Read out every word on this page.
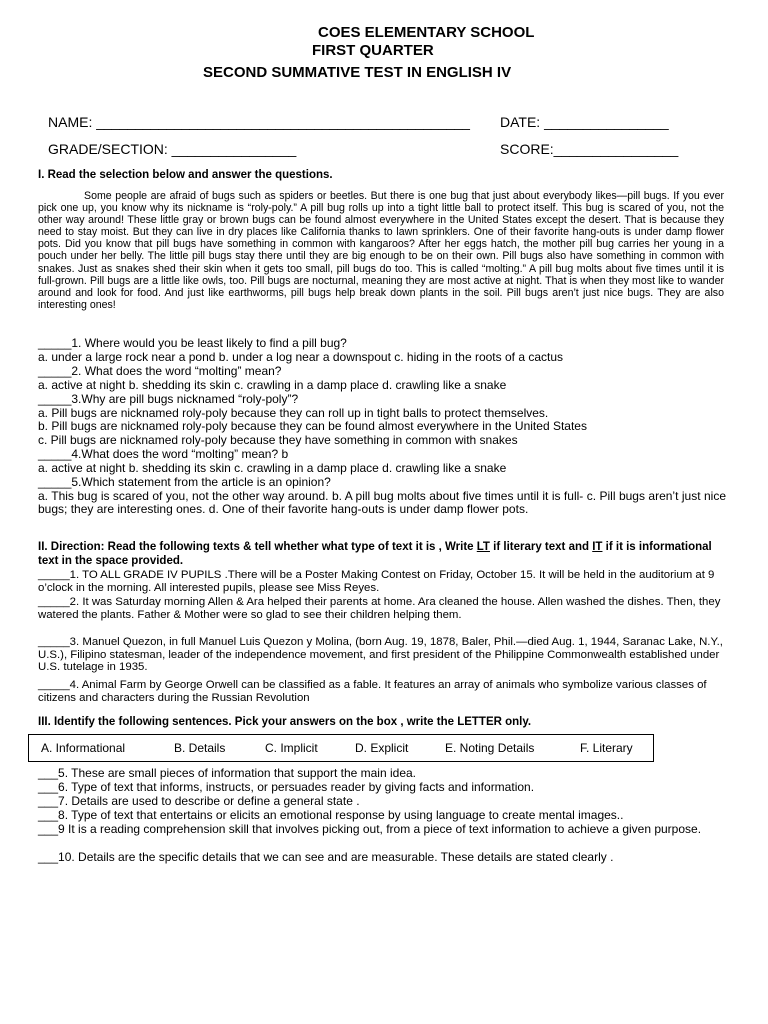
COES ELEMENTARY SCHOOL
FIRST QUARTER
SECOND SUMMATIVE TEST IN ENGLISH IV
NAME: ________________________________________________ DATE: ________________
GRADE/SECTION: ________________	SCORE:________________
I. Read the selection below and answer the questions.

Some people are afraid of bugs such as spiders or beetles. But there is one bug that just about everybody likes—pill bugs. If you ever pick one up, you know why its nickname is “roly-poly.” A pill bug rolls up into a tight little ball to protect itself. This bug is scared of you, not the other way around! These little gray or brown bugs can be found almost everywhere in the United States except the desert. That is because they need to stay moist. But they can live in dry places like California thanks to lawn sprinklers. One of their favorite hang-outs is under damp flower pots. Did you know that pill bugs have something in common with kangaroos? After her eggs hatch, the mother pill bug carries her young in a pouch under her belly. The little pill bugs stay there until they are big enough to be on their own. Pill bugs also have something in common with snakes. Just as snakes shed their skin when it gets too small, pill bugs do too. This is called “molting.” A pill bug molts about five times until it is full-grown. Pill bugs are a little like owls, too. Pill bugs are nocturnal, meaning they are most active at night. That is when they most like to wander around and look for food. And just like earthworms, pill bugs help break down plants in the soil. Pill bugs aren’t just nice bugs. They are also interesting ones!

_____1. Where would you be least likely to find a pill bug?

a. under a large rock near a pond b. under a log near a downspout c. hiding in the roots of a cactus

_____2. What does the word “molting” mean?

a. active at night b. shedding its skin c. crawling in a damp place d. crawling like a snake

_____3.Why are pill bugs nicknamed “roly-poly”?

a. Pill bugs are nicknamed roly-poly because they can roll up in tight balls to protect themselves.

b. Pill bugs are nicknamed roly-poly because they can be found almost everywhere in the United States

c. Pill bugs are nicknamed roly-poly because they have something in common with snakes

_____4.What does the word “molting” mean? b

a. active at night b. shedding its skin c. crawling in a damp place d. crawling like a snake

_____5.Which statement from the article is an opinion?

a. This bug is scared of you, not the other way around. b. A pill bug molts about five times until it is full- c. Pill bugs aren’t just nice bugs; they are interesting ones. d. One of their favorite hang-outs is under damp flower pots.

II. Direction: Read the following texts & tell whether what type of text it is , Write LT if literary text and IT if it is informational text in the space provided.

_____1. TO ALL GRADE IV PUPILS .There will be a Poster Making Contest on Friday, October 15. It will be held in the auditorium at 9 o’clock in the morning. All interested pupils, please see Miss Reyes.

_____2. It was Saturday morning Allen & Ara helped their parents at home. Ara cleaned the house. Allen washed the dishes. Then, they watered the plants. Father & Mother were so glad to see their children helping them.

_____3. Manuel Quezon, in full Manuel Luis Quezon y Molina, (born Aug. 19, 1878, Baler, Phil.—died Aug. 1, 1944, Saranac Lake, N.Y., U.S.), Filipino statesman, leader of the independence movement, and first president of the Philippine Commonwealth established under U.S. tutelage in 1935.

_____4. Animal Farm by George Orwell can be classified as a fable. It features an array of animals who symbolize various classes of citizens and characters during the Russian Revolution

III. Identify the following sentences. Pick your answers on the box , write the LETTER only.
A. Informational	B. Details	C. Implicit	D. Explicit	E. Noting Details	F. Literary

___5. These are small pieces of information that support the main idea.

___6. Type of text that informs, instructs, or persuades reader by giving facts and information.

___7. Details are used to describe or define a general state .

___8. Type of text that entertains or elicits an emotional response by using language to create mental images..

___9 It is a reading comprehension skill that involves picking out, from a piece of text information to achieve a given purpose.

___10. Details are the specific details that we can see and are measurable. These details are stated clearly .
